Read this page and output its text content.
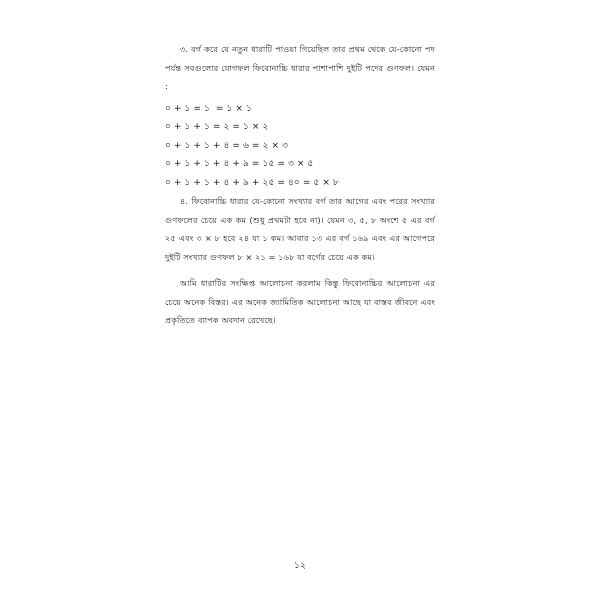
৩. বর্গ করে যে নতুন ধারাটি পাওয়া গিয়েছিল তার প্রথম থেকে যে-কোনো পদ পর্যন্ত সবগুলোর যোগফল ফিবোনাচ্চি ধারার পাশাপাশি দুইটি পদের গুণফল। যেমন :

০ + ১ = ১  = ১ × ১
০ + ১ + ১ = ২ = ১ × ২
০ + ১ + ১ + ৪ = ৬ = ২ × ৩
০ + ১ + ১ + ৪ + ৯ = ১৫ = ৩ × ৫
০ + ১ + ১ + ৪ + ৯ + ২৫ = ৪০ = ৫ × ৮

৪. ফিবোনাচ্চি ধারার যে-কোনো সংখ্যার বর্গ তার আগের এবং পরের সংখ্যার গুণফলের চেয়ে এক কম (শুধু প্রথমটা হবে না)। যেমন ৩, ৫, ৮ অংশে ৫ এর বর্গ ২৫ এবং ৩ × ৮ হবে ২৪ যা ১ কম। আবার ১৩ এর বর্গ ১৬৯ এবং এর আগেপরে দুইটি সংখ্যার গুণফল ৮ × ২১ = ১৬৮ যা বর্গের চেয়ে এক কম।

আমি ধারাটির সংক্ষিপ্ত আলোচনা করলাম কিন্তু ফিবোনাচ্চির আলোচনা এর চেয়ে অনেক বিস্তর। এর অনেক জ্যামিতিক আলোচনা আছে যা বাস্তব জীবনে এবং প্রকৃতিতে ব্যাপক অবদান রেখেছে।

১২
